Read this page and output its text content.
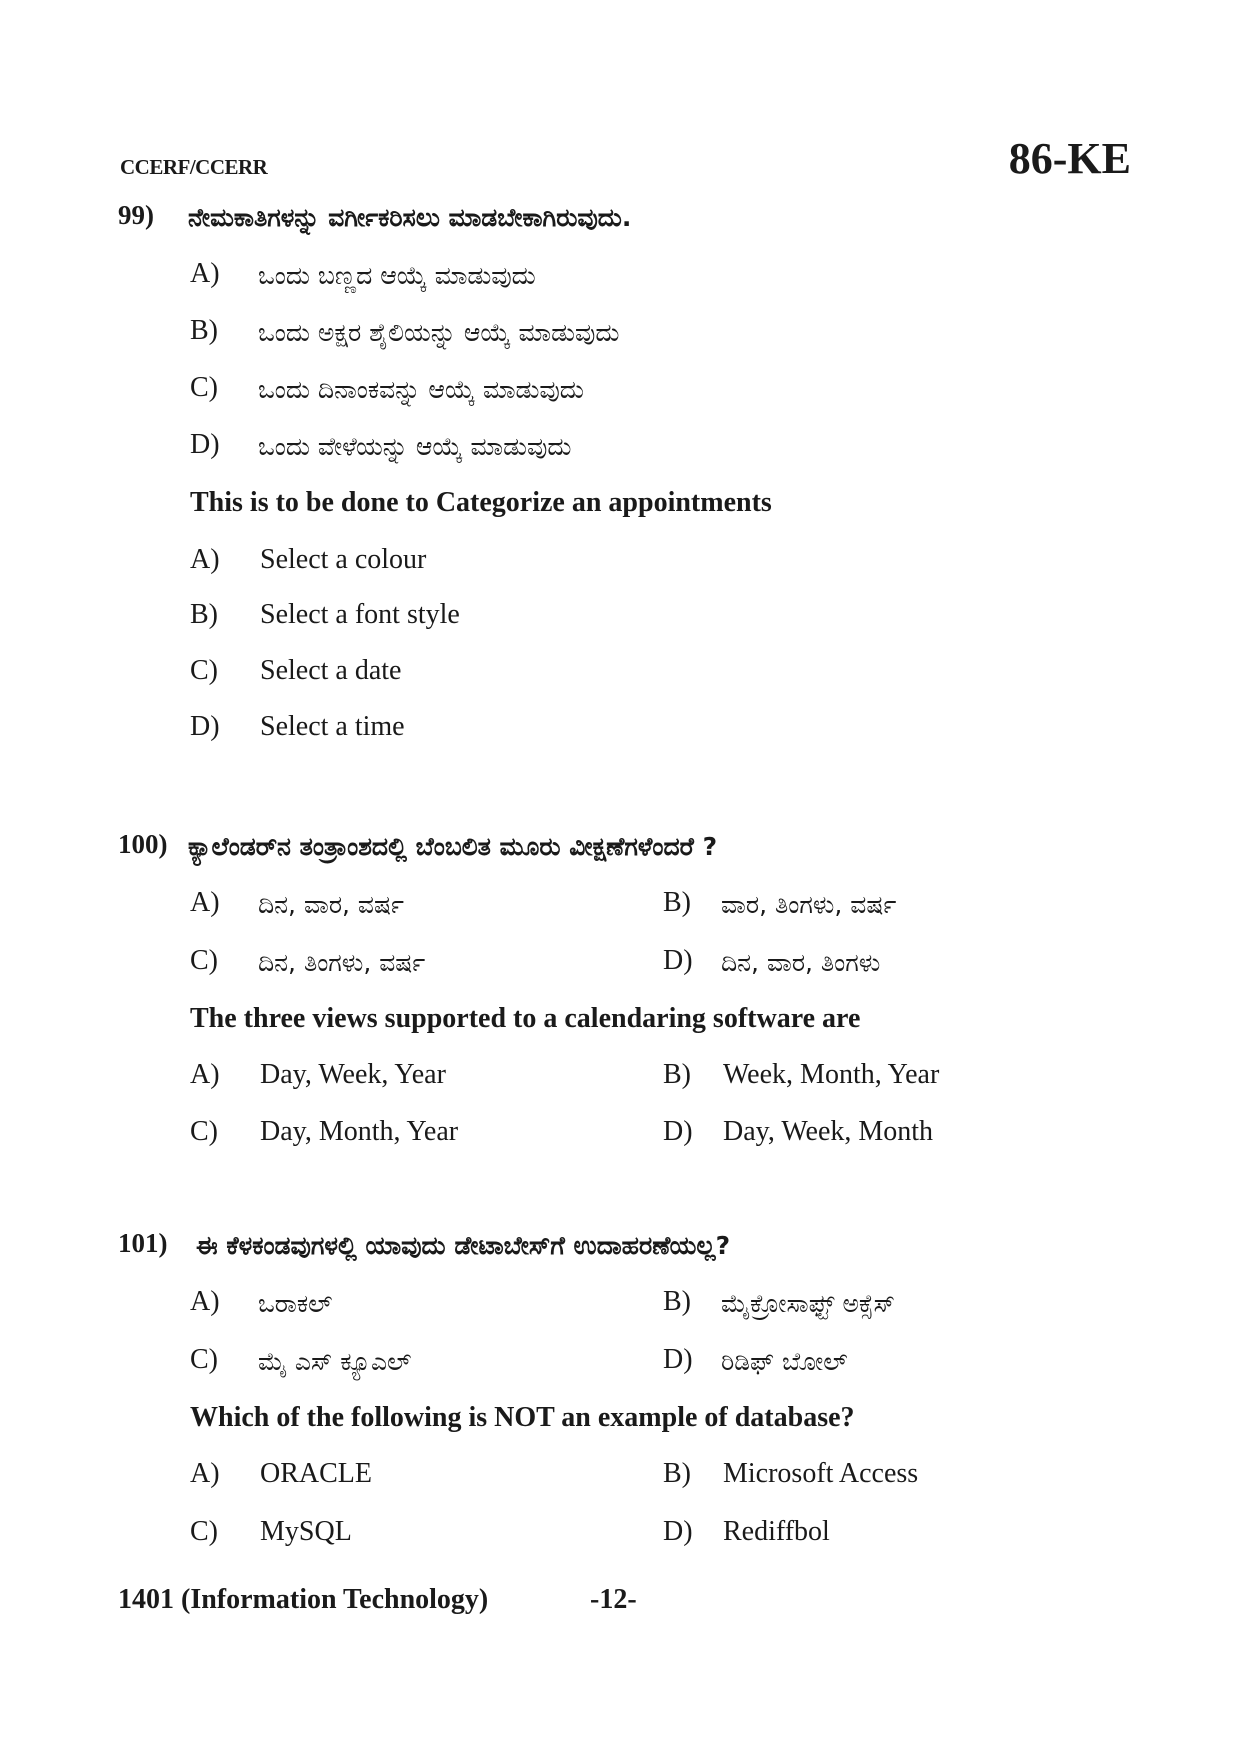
CCERF/CCERR	86-KE
99) ನೇಮಕಾತಿಗಳನ್ನು ವರ್ಗೀಕರಿಸಲು ಮಾಡಬೇಕಾಗಿರುವುದು.
A) ಒಂದು ಬಣ್ಣದ ಆಯ್ಕೆ ಮಾಡುವುದು
B) ಒಂದು ಅಕ್ಷರ ಶೈಲಿಯನ್ನು ಆಯ್ಕೆ ಮಾಡುವುದು
C) ಒಂದು ದಿನಾಂಕವನ್ನು ಆಯ್ಕೆ ಮಾಡುವುದು
D) ಒಂದು ವೇಳೆಯನ್ನು ಆಯ್ಕೆ ಮಾಡುವುದು
This is to be done to Categorize an appointments
A) Select a colour
B) Select a font style
C) Select a date
D) Select a time
100) ಕ್ಯಾಲೆಂಡರ್‌ನ ತಂತ್ರಾಂಶದಲ್ಲಿ ಬೆಂಬಲಿತ ಮೂರು ವೀಕ್ಷಣೆಗಳೆಂದರೆ ?
A) ದಿನ, ವಾರ, ವರ್ಷ	B) ವಾರ, ತಿಂಗಳು, ವರ್ಷ
C) ದಿನ, ತಿಂಗಳು, ವರ್ಷ	D) ದಿನ, ವಾರ, ತಿಂಗಳು
The three views supported to a calendaring software are
A) Day, Week, Year	B) Week, Month, Year
C) Day, Month, Year	D) Day, Week, Month
101) ಈ ಕೆಳಕಂಡವುಗಳಲ್ಲಿ ಯಾವುದು ಡೇಟಾಬೇಸ್‌ಗೆ ಉದಾಹರಣೆಯಲ್ಲ?
A) ಒರಾಕಲ್	B) ಮೈಕ್ರೋಸಾಫ್ಟ್ ಅಕ್ಸೆಸ್
C) ಮೈ ಎಸ್ ಕ್ಯೂಎಲ್	D) ರಿಡಿಫ್ ಬೋಲ್
Which of the following is NOT an example of database?
A) ORACLE	B) Microsoft Access
C) MySQL	D) Rediffbol
1401 (Information Technology)	-12-
